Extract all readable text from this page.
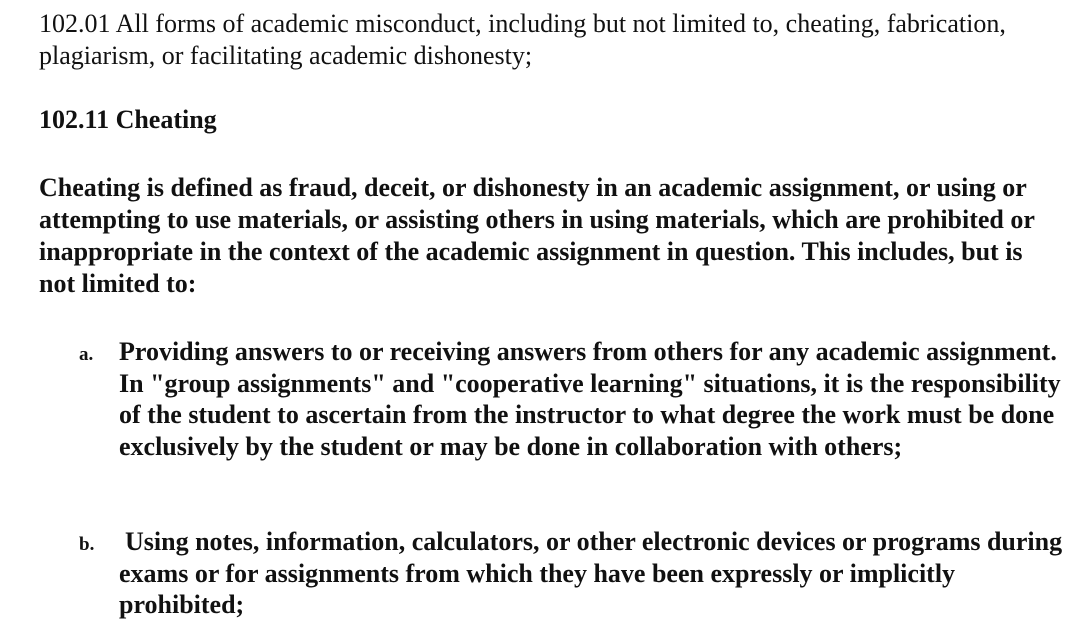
102.01 All forms of academic misconduct, including but not limited to, cheating, fabrication, plagiarism, or facilitating academic dishonesty;

102.11 Cheating

Cheating is defined as fraud, deceit, or dishonesty in an academic assignment, or using or attempting to use materials, or assisting others in using materials, which are prohibited or inappropriate in the context of the academic assignment in question. This includes, but is not limited to:

a. Providing answers to or receiving answers from others for any academic assignment. In "group assignments" and "cooperative learning" situations, it is the responsibility of the student to ascertain from the instructor to what degree the work must be done exclusively by the student or may be done in collaboration with others;

b. Using notes, information, calculators, or other electronic devices or programs during exams or for assignments from which they have been expressly or implicitly prohibited;
